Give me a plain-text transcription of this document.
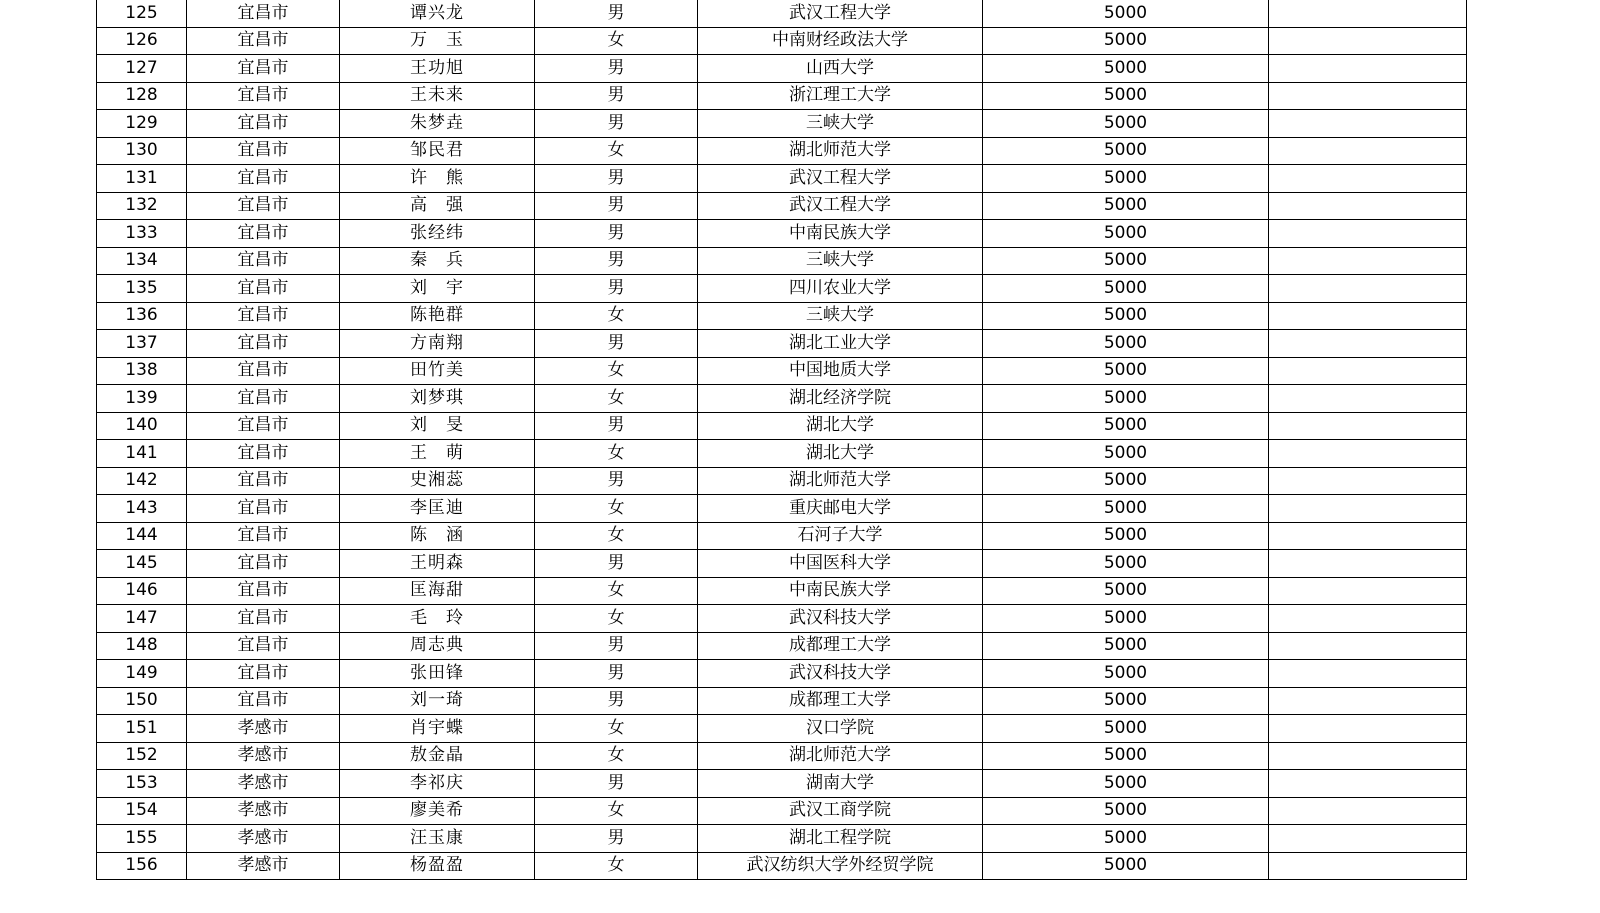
125	宜昌市	谭兴龙	男	武汉工程大学	5000	
126	宜昌市	万　玉	女	中南财经政法大学	5000	
127	宜昌市	王功旭	男	山西大学	5000	
128	宜昌市	王未来	男	浙江理工大学	5000	
129	宜昌市	朱梦垚	男	三峡大学	5000	
130	宜昌市	邹民君	女	湖北师范大学	5000	
131	宜昌市	许　熊	男	武汉工程大学	5000	
132	宜昌市	高　强	男	武汉工程大学	5000	
133	宜昌市	张经纬	男	中南民族大学	5000	
134	宜昌市	秦　兵	男	三峡大学	5000	
135	宜昌市	刘　宇	男	四川农业大学	5000	
136	宜昌市	陈艳群	女	三峡大学	5000	
137	宜昌市	方南翔	男	湖北工业大学	5000	
138	宜昌市	田竹美	女	中国地质大学	5000	
139	宜昌市	刘梦琪	女	湖北经济学院	5000	
140	宜昌市	刘　旻	男	湖北大学	5000	
141	宜昌市	王　萌	女	湖北大学	5000	
142	宜昌市	史湘蕊	男	湖北师范大学	5000	
143	宜昌市	李匡迪	女	重庆邮电大学	5000	
144	宜昌市	陈　涵	女	石河子大学	5000	
145	宜昌市	王明森	男	中国医科大学	5000	
146	宜昌市	匡海甜	女	中南民族大学	5000	
147	宜昌市	毛　玲	女	武汉科技大学	5000	
148	宜昌市	周志典	男	成都理工大学	5000	
149	宜昌市	张田锋	男	武汉科技大学	5000	
150	宜昌市	刘一琦	男	成都理工大学	5000	
151	孝感市	肖宇蝶	女	汉口学院	5000	
152	孝感市	敖金晶	女	湖北师范大学	5000	
153	孝感市	李祁庆	男	湖南大学	5000	
154	孝感市	廖美希	女	武汉工商学院	5000	
155	孝感市	汪玉康	男	湖北工程学院	5000	
156	孝感市	杨盈盈	女	武汉纺织大学外经贸学院	5000	
